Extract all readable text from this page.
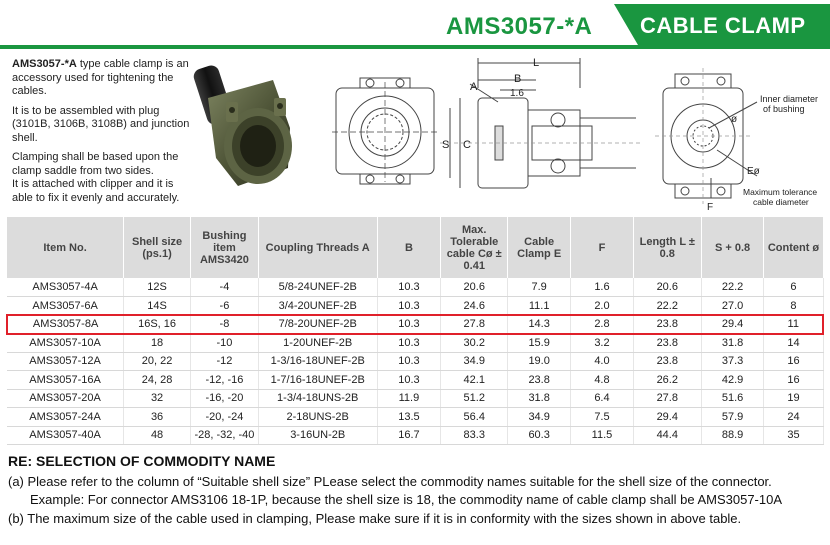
AMS3057-*A CABLE CLAMP

AMS3057-*A type cable clamp is an accessory used for tightening the cables.

It is to be assembled with plug (3101B, 3106B, 3108B) and junction shell.

Clamping shall be based upon the clamp saddle from two sides.

It is attached with clipper and it is able to fix it evenly and accurately.

L
A
B
1.6
S C
Inner diameter
of bushing
ø
Eø
F
Maximum tolerance
cable diameter
Item No.	Shell size (ps.1)	Bushing item AMS3420	Coupling Threads A	B	Max. Tolerable cable Cø ± 0.41	Cable Clamp E	F	Length L ± 0.8	S + 0.8	Content ø
AMS3057-4A	12S	-4	5/8-24UNEF-2B	10.3	20.6	7.9	1.6	20.6	22.2	6
AMS3057-6A	14S	-6	3/4-20UNEF-2B	10.3	24.6	11.1	2.0	22.2	27.0	8
AMS3057-8A	16S, 16	-8	7/8-20UNEF-2B	10.3	27.8	14.3	2.8	23.8	29.4	11
AMS3057-10A	18	-10	1-20UNEF-2B	10.3	30.2	15.9	3.2	23.8	31.8	14
AMS3057-12A	20, 22	-12	1-3/16-18UNEF-2B	10.3	34.9	19.0	4.0	23.8	37.3	16
AMS3057-16A	24, 28	-12, -16	1-7/16-18UNEF-2B	10.3	42.1	23.8	4.8	26.2	42.9	16
AMS3057-20A	32	-16, -20	1-3/4-18UNS-2B	11.9	51.2	31.8	6.4	27.8	51.6	19
AMS3057-24A	36	-20, -24	2-18UNS-2B	13.5	56.4	34.9	7.5	29.4	57.9	24
AMS3057-40A	48	-28, -32, -40	3-16UN-2B	16.7	83.3	60.3	11.5	44.4	88.9	35
RE: SELECTION OF COMMODITY NAME
(a) Please refer to the column of “Suitable shell size” PLease select the commodity names suitable for the shell size of the connector.
Example: For connector AMS3106 18-1P, because the shell size is 18, the commodity name of cable clamp shall be AMS3057-10A
(b) The maximum size of the cable used in clamping, Please make sure if it is in conformity with the sizes shown in above table.
